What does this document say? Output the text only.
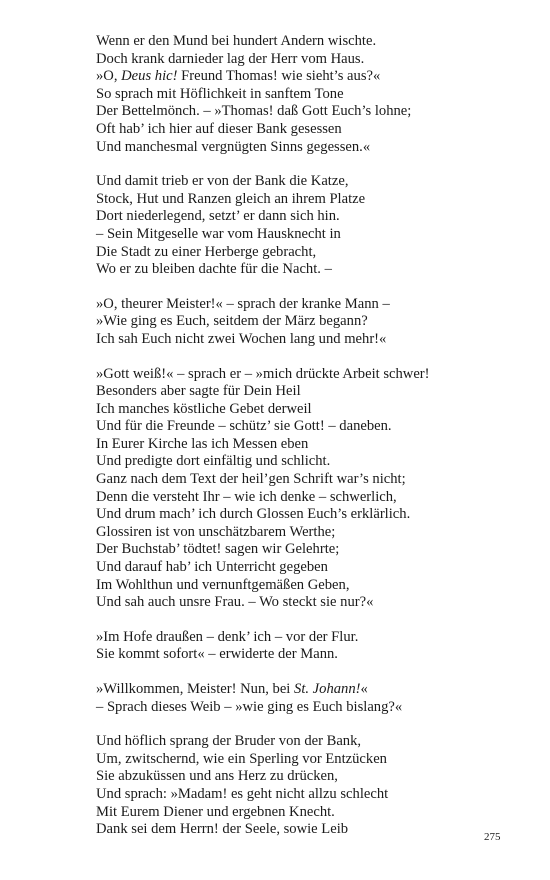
Wenn er den Mund bei hundert Andern wischte.
Doch krank darnieder lag der Herr vom Haus.
»O, Deus hic! Freund Thomas! wie sieht’s aus?«
So sprach mit Höflichkeit in sanftem Tone
Der Bettelmönch. – »Thomas! daß Gott Euch’s lohne;
Oft hab’ ich hier auf dieser Bank gesessen
Und manchesmal vergnügten Sinns gegessen.«
Und damit trieb er von der Bank die Katze,
Stock, Hut und Ranzen gleich an ihrem Platze
Dort niederlegend, setzt’ er dann sich hin.
– Sein Mitgeselle war vom Hausknecht in
Die Stadt zu einer Herberge gebracht,
Wo er zu bleiben dachte für die Nacht. –
»O, theurer Meister!« – sprach der kranke Mann –
»Wie ging es Euch, seitdem der März begann?
Ich sah Euch nicht zwei Wochen lang und mehr!«
»Gott weiß!« – sprach er – »mich drückte Arbeit schwer!
Besonders aber sagte für Dein Heil
Ich manches köstliche Gebet derweil
Und für die Freunde – schütz’ sie Gott! – daneben.
In Eurer Kirche las ich Messen eben
Und predigte dort einfältig und schlicht.
Ganz nach dem Text der heil’gen Schrift war’s nicht;
Denn die versteht Ihr – wie ich denke – schwerlich,
Und drum mach’ ich durch Glossen Euch’s erklärlich.
Glossiren ist von unschätzbarem Werthe;
Der Buchstab’ tödtet! sagen wir Gelehrte;
Und darauf hab’ ich Unterricht gegeben
Im Wohlthun und vernunftgemäßen Geben,
Und sah auch unsre Frau. – Wo steckt sie nur?«
»Im Hofe draußen – denk’ ich – vor der Flur.
Sie kommt sofort« – erwiderte der Mann.
»Willkommen, Meister! Nun, bei St. Johann!«
– Sprach dieses Weib – »wie ging es Euch bislang?«
Und höflich sprang der Bruder von der Bank,
Um, zwitschernd, wie ein Sperling vor Entzücken
Sie abzuküssen und ans Herz zu drücken,
Und sprach: »Madam! es geht nicht allzu schlecht
Mit Eurem Diener und ergebnen Knecht.
Dank sei dem Herrn! der Seele, sowie Leib	275
